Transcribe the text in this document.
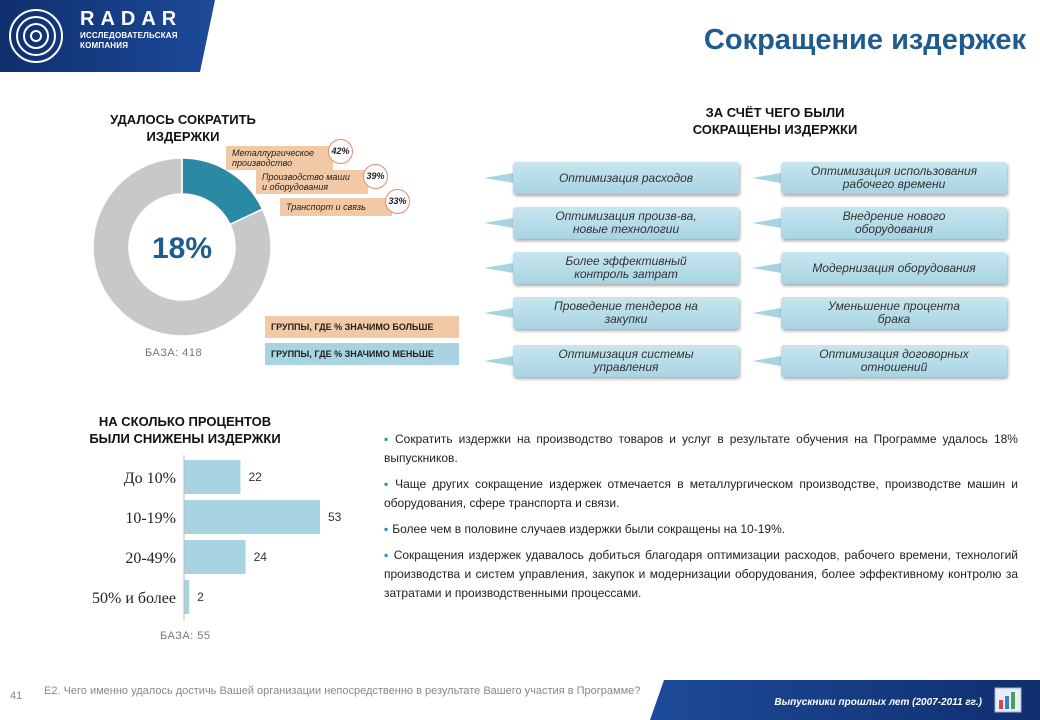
RADAR
ИССЛЕДОВАТЕЛЬСКАЯ
КОМПАНИЯ	Сокращение издержек
УДАЛОСЬ СОКРАТИТЬ
ИЗДЕРЖКИ
18%
Металлургическое
производство
42%
Производство маши
и оборудования
39%
Транспорт и связь
33%
ГРУППЫ, ГДЕ % ЗНАЧИМО БОЛЬШЕ
ГРУППЫ, ГДЕ % ЗНАЧИМО МЕНЬШЕ
БАЗА: 418
ЗА СЧЁТ ЧЕГО БЫЛИ
СОКРАЩЕНЫ ИЗДЕРЖКИ
Оптимизация расходов
Оптимизация произв-ва,
новые технологии
Более эффективный
контроль затрат
Проведение тендеров на
закупки
Оптимизация системы
управления
Оптимизация использования
рабочего времени
Внедрение нового
оборудования
Модернизация оборудования
Уменьшение процента
брака
Оптимизация договорных
отношений
НА СКОЛЬКО ПРОЦЕНТОВ
БЫЛИ СНИЖЕНЫ ИЗДЕРЖКИ
До 10%	22
10-19%	53
20-49%	24
50% и более 2
БАЗА: 55

▪ Сократить издержки на производство товаров и услуг в результате обучения на Программе удалось 18% выпускников.

▪ Чаще других сокращение издержек отмечается в металлургическом производстве, производстве машин и оборудования, сфере транспорта и связи.

▪ Более чем в половине случаев издержки были сокращены на 10-19%.

▪ Сокращения издержек удавалось добиться благодаря оптимизации расходов, рабочего времени, технологий производства и систем управления, закупок и модернизации оборудования, более эффективному контролю за затратами и производственными процессами.

41 Е2. Чего именно удалось достичь Вашей организации непосредственно в результате Вашего участия в Программе?
Выпускники прошлых лет (2007-2011 гг.)
